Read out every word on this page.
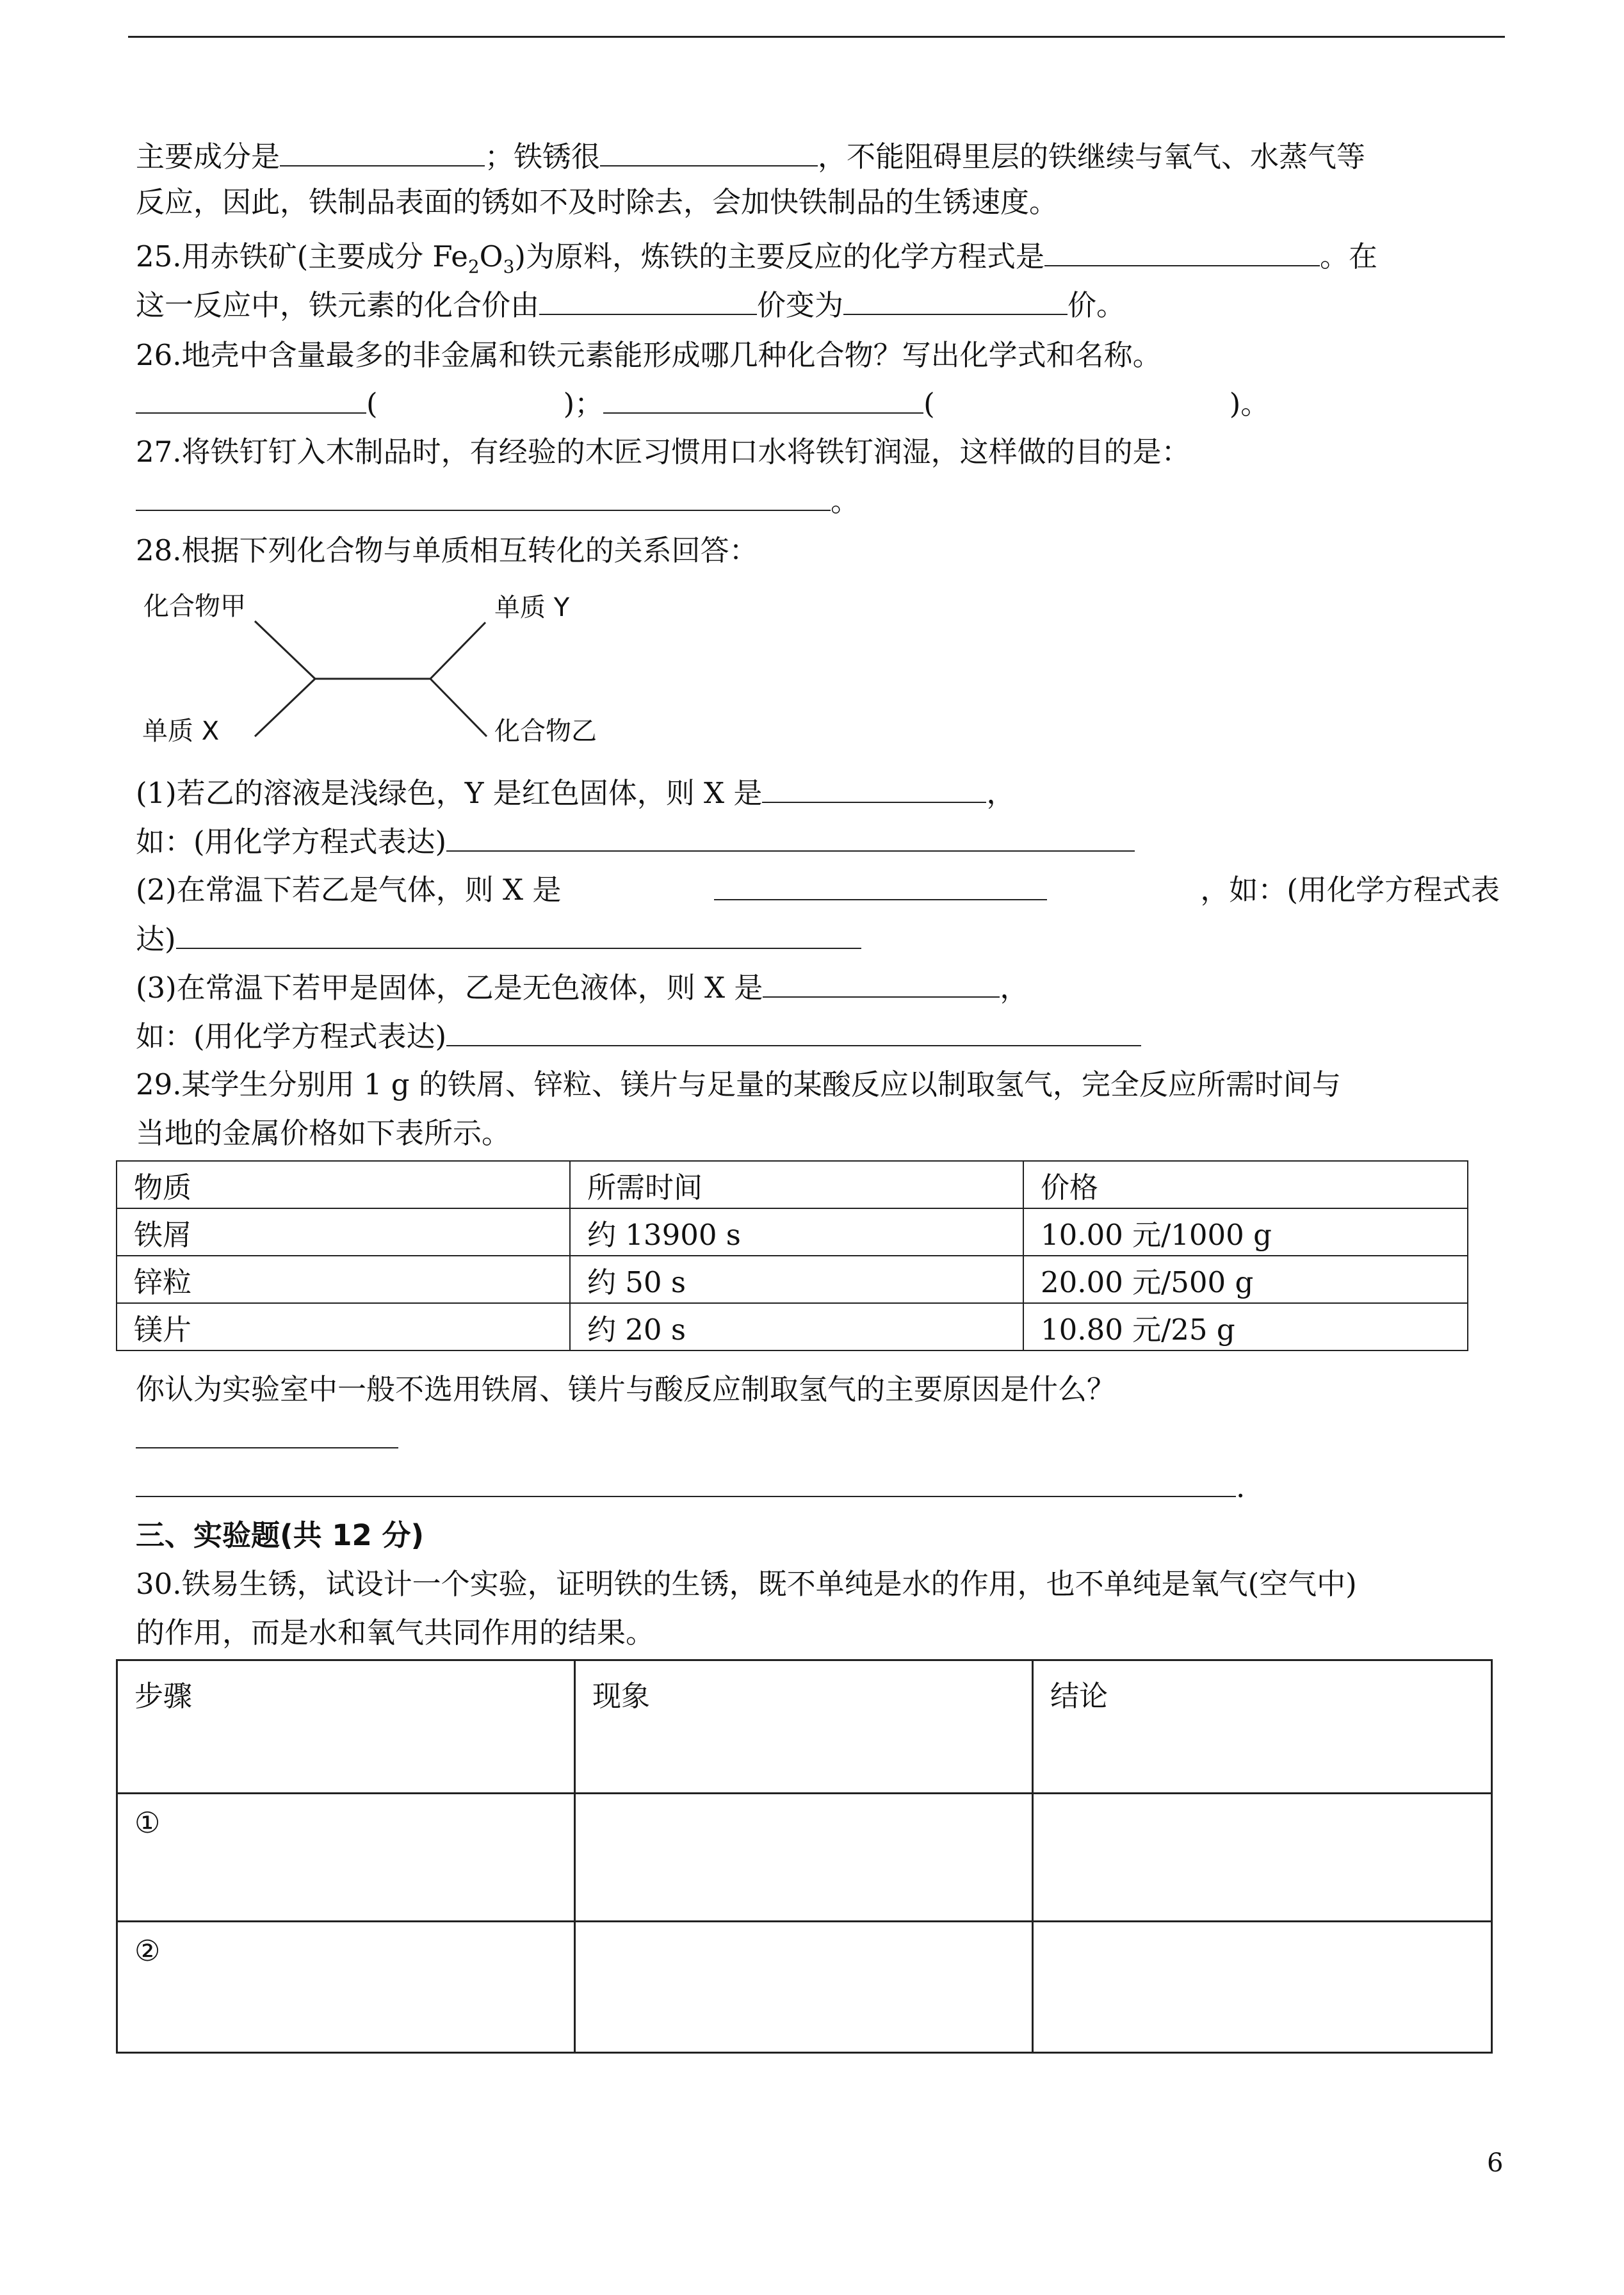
主要成分是	；铁锈很	，不能阻碍里层的铁继续与氧气、水蒸气等
反应，因此，铁制品表面的锈如不及时除去，会加快铁制品的生锈速度。
25.用赤铁矿(主要成分 $Fe_2O_3$)为原料，炼铁的主要反应的化学方程式是	。在
这一反应中，铁元素的化合价由	价变为	价。
26.地壳中含量最多的非金属和铁元素能形成哪几种化合物？写出化学式和名称。
(	)；	(	)。
27.将铁钉钉入木制品时，有经验的木匠习惯用口水将铁钉润湿，这样做的目的是：
。
28.根据下列化合物与单质相互转化的关系回答：
化合物甲	单质 Y
单质 X	化合物乙
(1)若乙的溶液是浅绿色，Y 是红色固体，则 X 是	，
如：(用化学方程式表达)
(2)在常温下若乙是气体，则 X 是	，如：(用化学方程式表
达)
(3)在常温下若甲是固体，乙是无色液体，则 X 是	，
如：(用化学方程式表达)
29.某学生分别用 1 g 的铁屑、锌粒、镁片与足量的某酸反应以制取氢气，完全反应所需时间与
当地的金属价格如下表所示。
物质	所需时间	价格
铁屑	约 13900 s	10.00 元/1000 g
锌粒	约 50 s	20.00 元/500 g
镁片	约 20 s	10.80 元/25 g
你认为实验室中一般不选用铁屑、镁片与酸反应制取氢气的主要原因是什么？
.
三、实验题(共 12 分)
30.铁易生锈，试设计一个实验，证明铁的生锈，既不单纯是水的作用，也不单纯是氧气(空气中)
的作用，而是水和氧气共同作用的结果。
步骤	现象	结论
①		
②		
6
